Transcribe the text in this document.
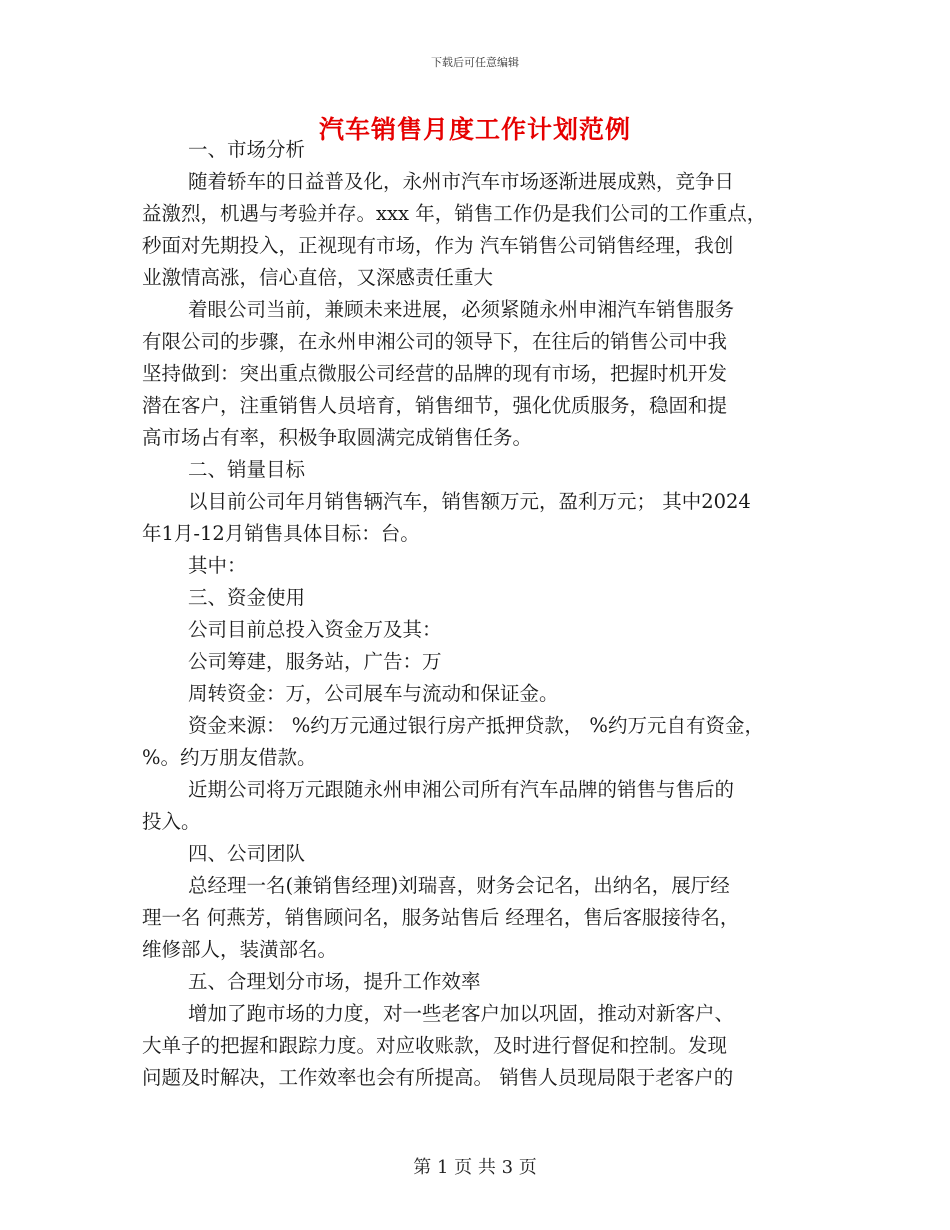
下载后可任意编辑
汽车销售月度工作计划范例

一、市场分析

随着轿车的日益普及化，永州市汽车市场逐渐进展成熟，竞争日

益激烈，机遇与考验并存。xxx 年，销售工作仍是我们公司的工作重点，

秒面对先期投入，正视现有市场，作为 汽车销售公司销售经理，我创

业激情高涨，信心直倍，又深感责任重大

着眼公司当前，兼顾未来进展，必须紧随永州申湘汽车销售服务

有限公司的步骤，在永州申湘公司的领导下，在往后的销售公司中我

坚持做到：突出重点微服公司经营的品牌的现有市场，把握时机开发

潜在客户，注重销售人员培育，销售细节，强化优质服务，稳固和提

高市场占有率，积极争取圆满完成销售任务。

二、销量目标

以目前公司年月销售辆汽车，销售额万元，盈利万元； 其中2024

年1月-12月销售具体目标：台。

其中：

三、资金使用

公司目前总投入资金万及其：

公司筹建，服务站，广告：万

周转资金：万，公司展车与流动和保证金。

资金来源： %约万元通过银行房产抵押贷款， %约万元自有资金，

%。约万朋友借款。

近期公司将万元跟随永州申湘公司所有汽车品牌的销售与售后的

投入。

四、公司团队

总经理一名(兼销售经理)刘瑞喜，财务会记名，出纳名，展厅经

理一名 何燕芳，销售顾问名，服务站售后 经理名，售后客服接待名，

维修部人，装潢部名。

五、合理划分市场，提升工作效率

增加了跑市场的力度，对一些老客户加以巩固，推动对新客户、

大单子的把握和跟踪力度。对应收账款，及时进行督促和控制。发现

问题及时解决，工作效率也会有所提高。 销售人员现局限于老客户的

第 1 页 共 3 页
